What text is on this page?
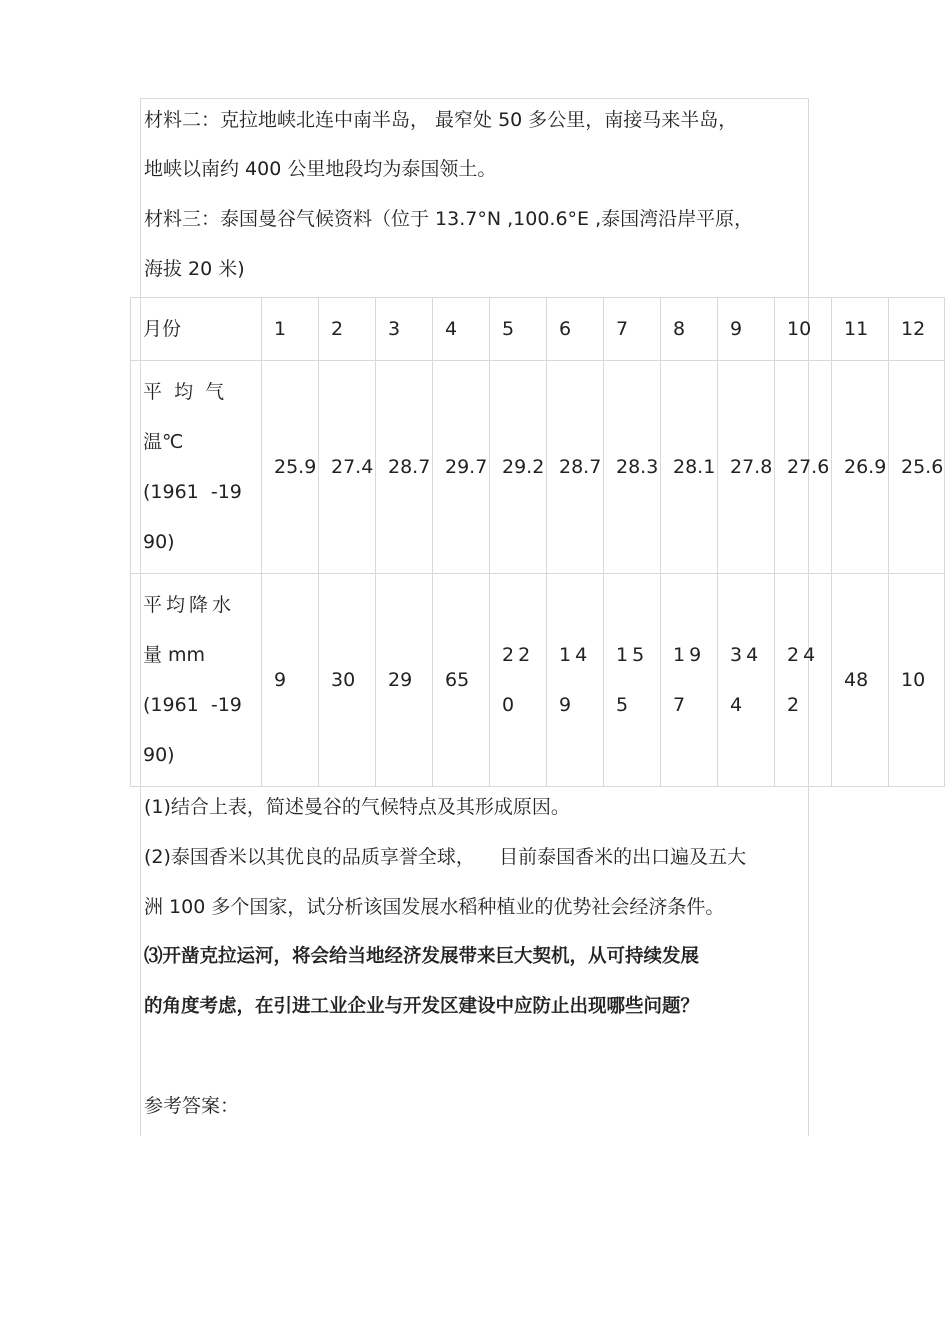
材料二：克拉地峡北连中南半岛， 最窄处 50 多公里，南接马来半岛，

地峡以南约 400 公里地段均为泰国领土。

材料三：泰国曼谷气候资料（位于 13.7°N ,100.6°E ,泰国湾沿岸平原，

海拔 20 米)

月份	1	2	3	4	5	6	7	8	9	10	11	12

平  均  气
温℃
(1961  -19
90)	25.9	27.4	28.7	29.7	29.2	28.7	28.3	28.1	27.8	27.6	26.9	25.6

平均降水
量 mm
(1961  -19
90)	9	30	29	65	220	149	155	197	344	242	48	10

(1)结合上表，简述曼谷的气候特点及其形成原因。

(2)泰国香米以其优良的品质享誉全球，    目前泰国香米的出口遍及五大

洲 100 多个国家，试分析该国发展水稻种植业的优势社会经济条件。

⑶开凿克拉运河，将会给当地经济发展带来巨大契机，从可持续发展

的角度考虑，在引进工业企业与开发区建设中应防止出现哪些问题？

参考答案：
